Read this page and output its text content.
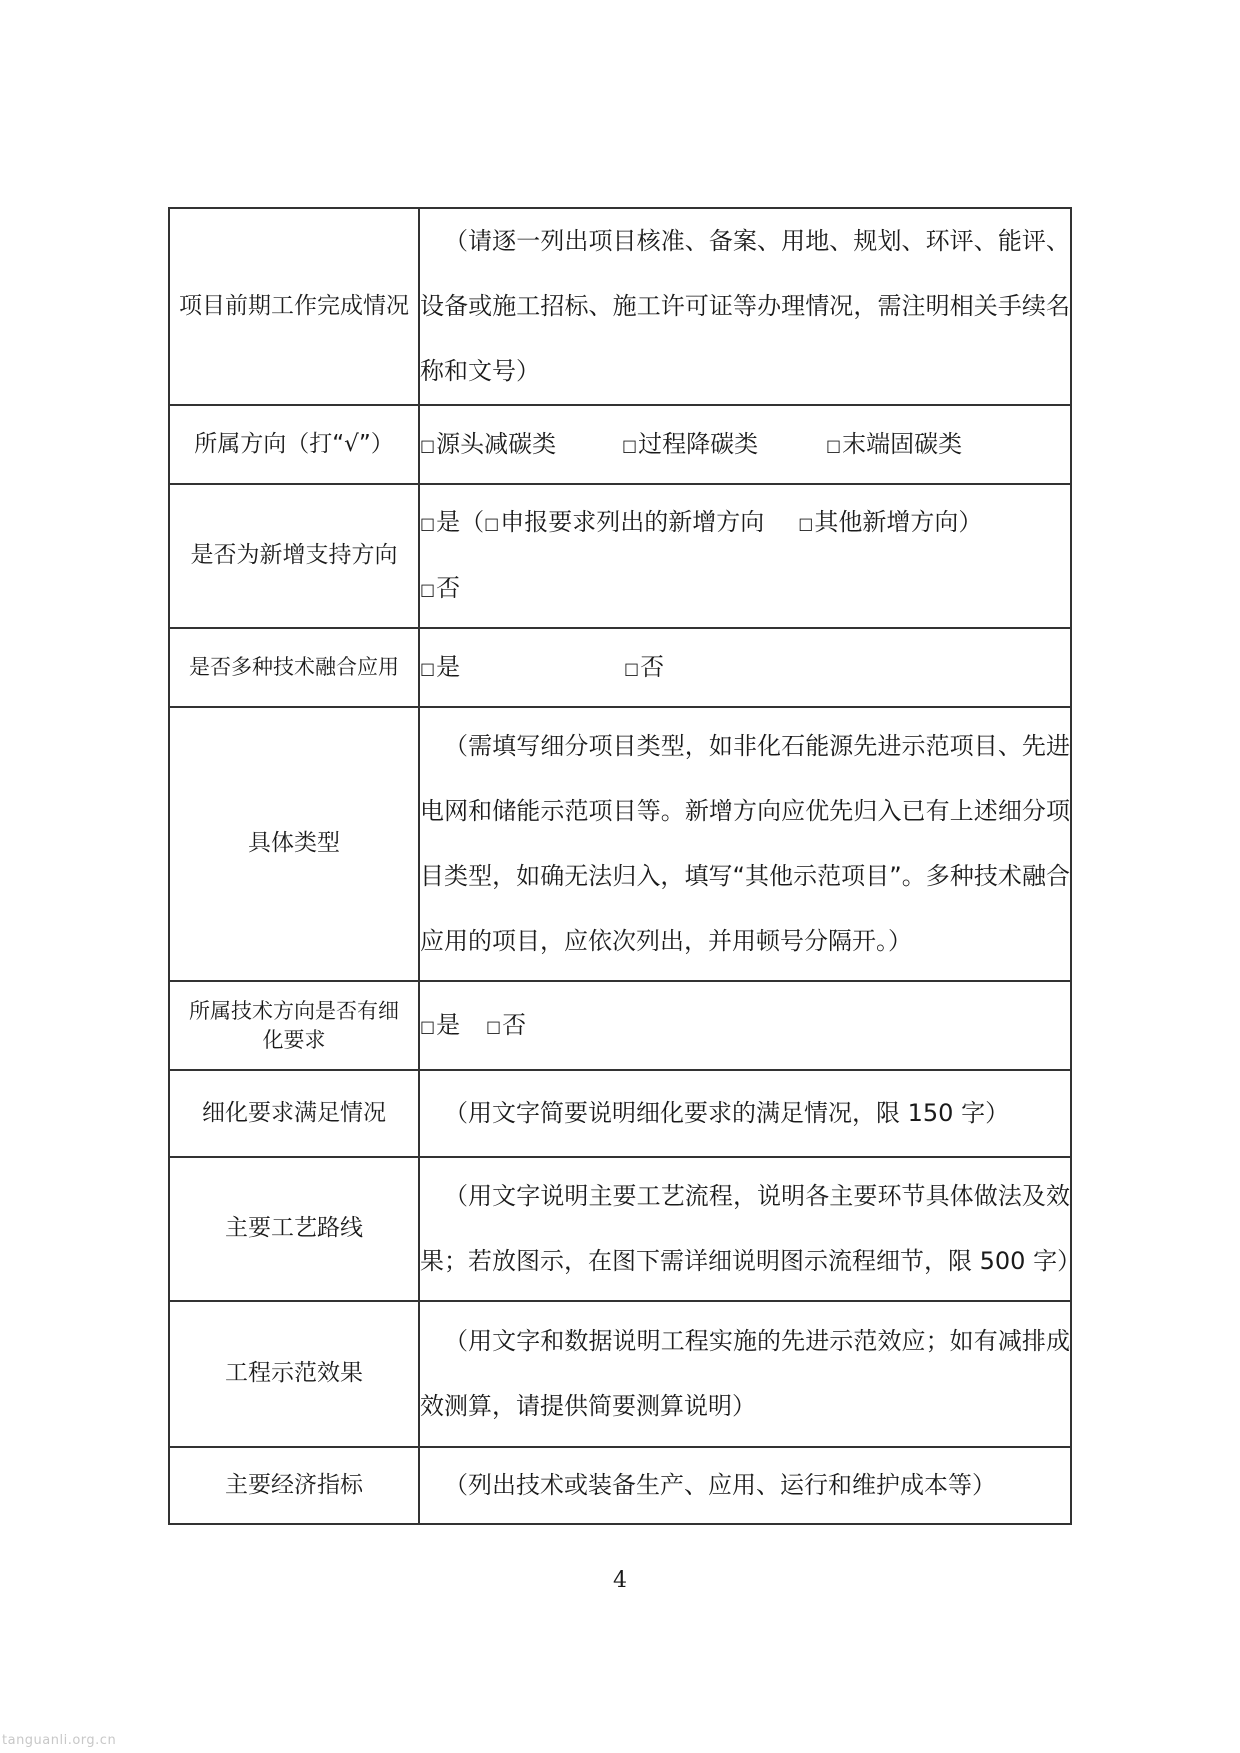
项目前期工作完成情况	（请逐一列出项目核准、备案、用地、规划、环评、能评、设备或施工招标、施工许可证等办理情况，需注明相关手续名称和文号）

所属方向（打“√”）	□源头减碳类 □过程降碳类 □末端固碳类

是否为新增支持方向	□是（□申报要求列出的新增方向 □其他新增方向）
□否

是否多种技术融合应用	□是 □否

具体类型	（需填写细分项目类型，如非化石能源先进示范项目、先进电网和储能示范项目等。新增方向应优先归入已有上述细分项目类型，如确无法归入，填写“其他示范项目”。多种技术融合应用的项目，应依次列出，并用顿号分隔开。）

所属技术方向是否有细化要求	□是 □否

细化要求满足情况	（用文字简要说明细化要求的满足情况，限 150 字）

主要工艺路线	（用文字说明主要工艺流程，说明各主要环节具体做法及效果；若放图示，在图下需详细说明图示流程细节，限 500 字）

工程示范效果	（用文字和数据说明工程实施的先进示范效应；如有减排成效测算，请提供简要测算说明）

主要经济指标	（列出技术或装备生产、应用、运行和维护成本等）
4
tanguanli.org.cn
